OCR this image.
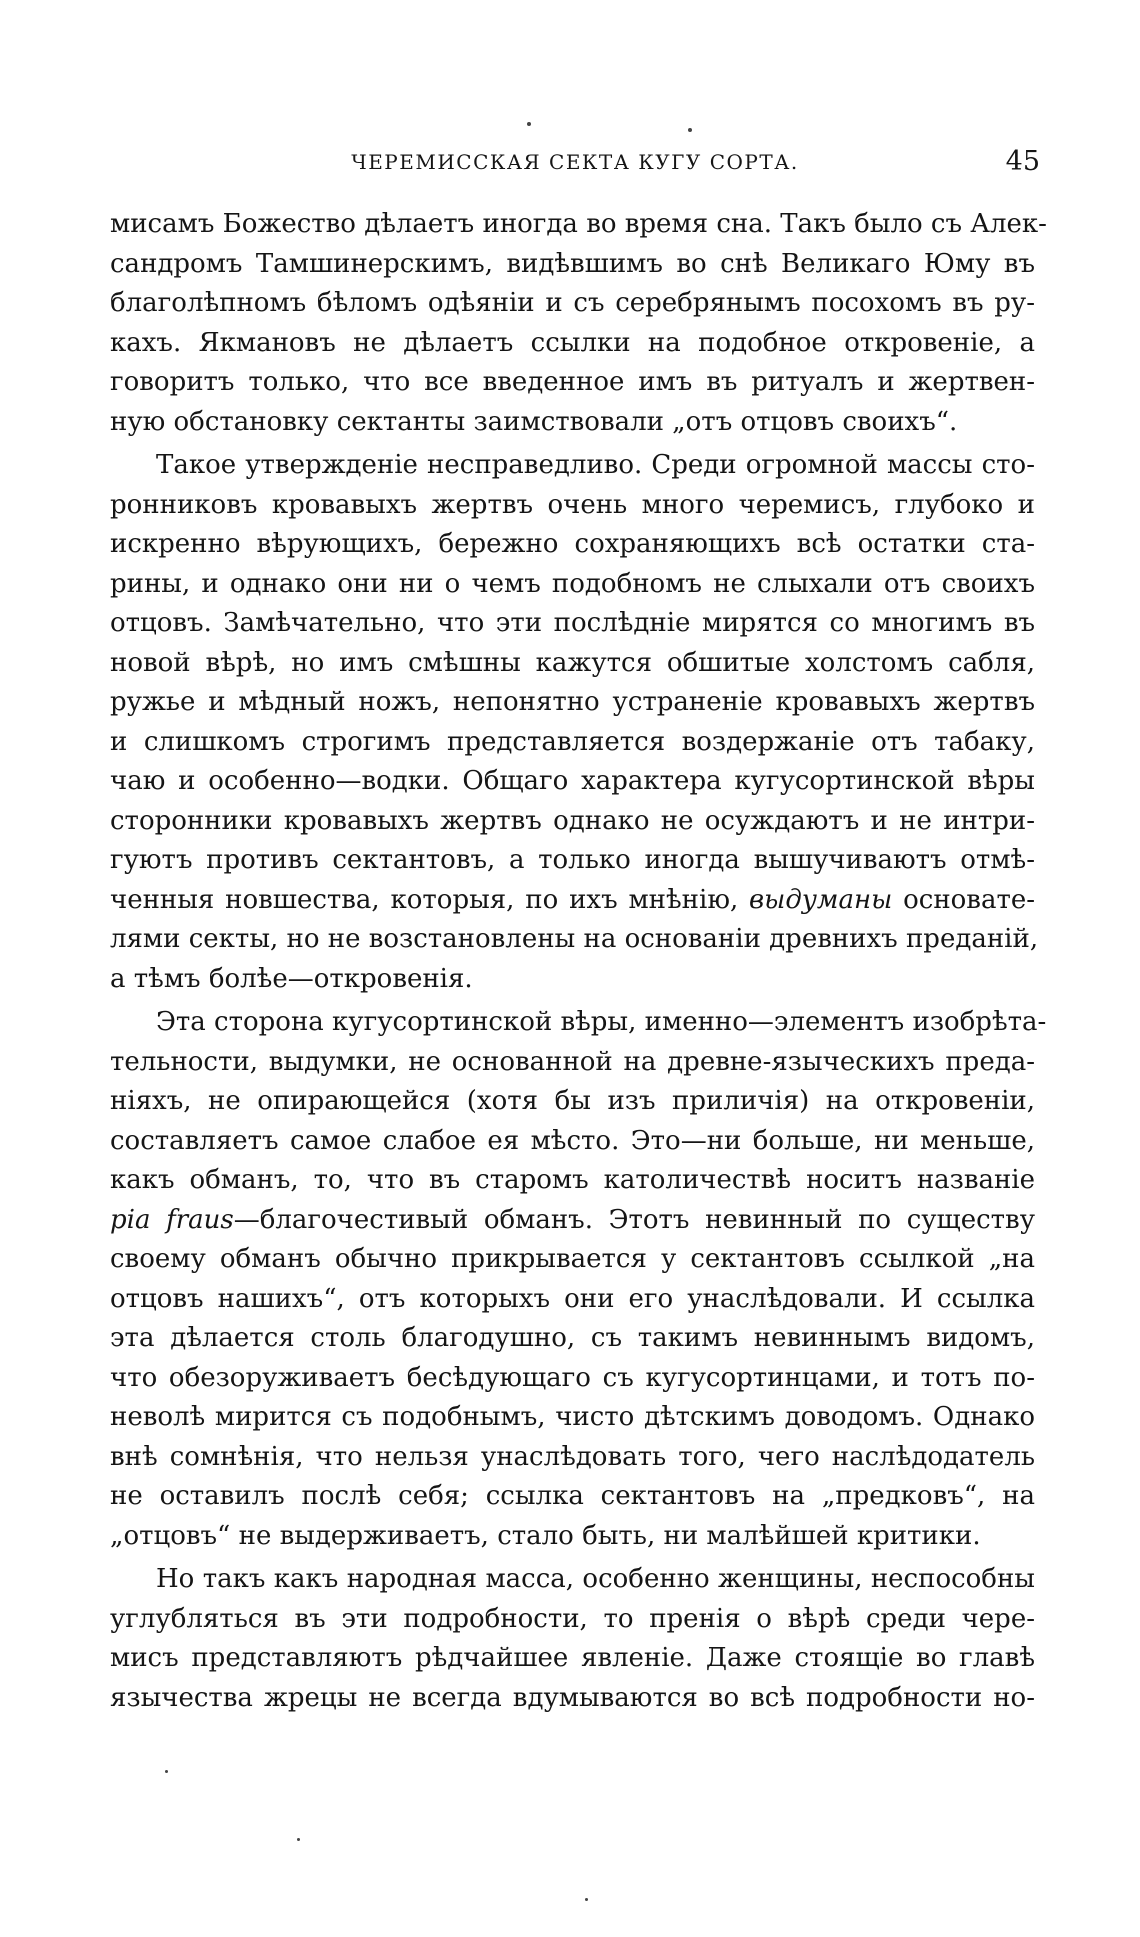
ЧЕРЕМИССКАЯ СЕКТА КУГУ СОРТА.	45
мисамъ Божество дѣлаетъ иногда во время сна. Такъ было съ Алек-
сандромъ Тамшинерскимъ, видѣвшимъ во снѣ Великаго Юму въ
благолѣпномъ бѣломъ одѣяніи и съ серебрянымъ посохомъ въ ру-
кахъ. Якмановъ не дѣлаетъ ссылки на подобное откровеніе, а
говоритъ только, что все введенное имъ въ ритуалъ и жертвен-
ную обстановку сектанты заимствовали „отъ отцовъ своихъ“.
Такое утвержденіе несправедливо. Среди огромной массы сто-
ронниковъ кровавыхъ жертвъ очень много черемисъ, глубоко и
искренно вѣрующихъ, бережно сохраняющихъ всѣ остатки ста-
рины, и однако они ни о чемъ подобномъ не слыхали отъ своихъ
отцовъ. Замѣчательно, что эти послѣдніе мирятся со многимъ въ
новой вѣрѣ, но имъ смѣшны кажутся обшитые холстомъ сабля,
ружье и мѣдный ножъ, непонятно устраненіе кровавыхъ жертвъ
и слишкомъ строгимъ представляется воздержаніе отъ табаку,
чаю и особенно—водки. Общаго характера кугусортинской вѣры
сторонники кровавыхъ жертвъ однако не осуждаютъ и не интри-
гуютъ противъ сектантовъ, а только иногда вышучиваютъ отмѣ-
ченныя новшества, которыя, по ихъ мнѣнію, выдуманы основате-
лями секты, но не возстановлены на основаніи древнихъ преданій,
а тѣмъ болѣе—откровенія.
Эта сторона кугусортинской вѣры, именно—элементъ изобрѣта-
тельности, выдумки, не основанной на древне-языческихъ преда-
ніяхъ, не опирающейся (хотя бы изъ приличія) на откровеніи,
составляетъ самое слабое ея мѣсто. Это—ни больше, ни меньше,
какъ обманъ, то, что въ старомъ католичествѣ носитъ названіе
pia fraus—благочестивый обманъ. Этотъ невинный по существу
своему обманъ обычно прикрывается у сектантовъ ссылкой „на
отцовъ нашихъ“, отъ которыхъ они его унаслѣдовали. И ссылка
эта дѣлается столь благодушно, съ такимъ невиннымъ видомъ,
что обезоруживаетъ бесѣдующаго съ кугусортинцами, и тотъ по-
неволѣ мирится съ подобнымъ, чисто дѣтскимъ доводомъ. Однако
внѣ сомнѣнія, что нельзя унаслѣдовать того, чего наслѣдодатель
не оставилъ послѣ себя; ссылка сектантовъ на „предковъ“, на
„отцовъ“ не выдерживаетъ, стало быть, ни малѣйшей критики.
Но такъ какъ народная масса, особенно женщины, неспособны
углубляться въ эти подробности, то пренія о вѣрѣ среди чере-
мисъ представляютъ рѣдчайшее явленіе. Даже стоящіе во главѣ
язычества жрецы не всегда вдумываются во всѣ подробности но-
